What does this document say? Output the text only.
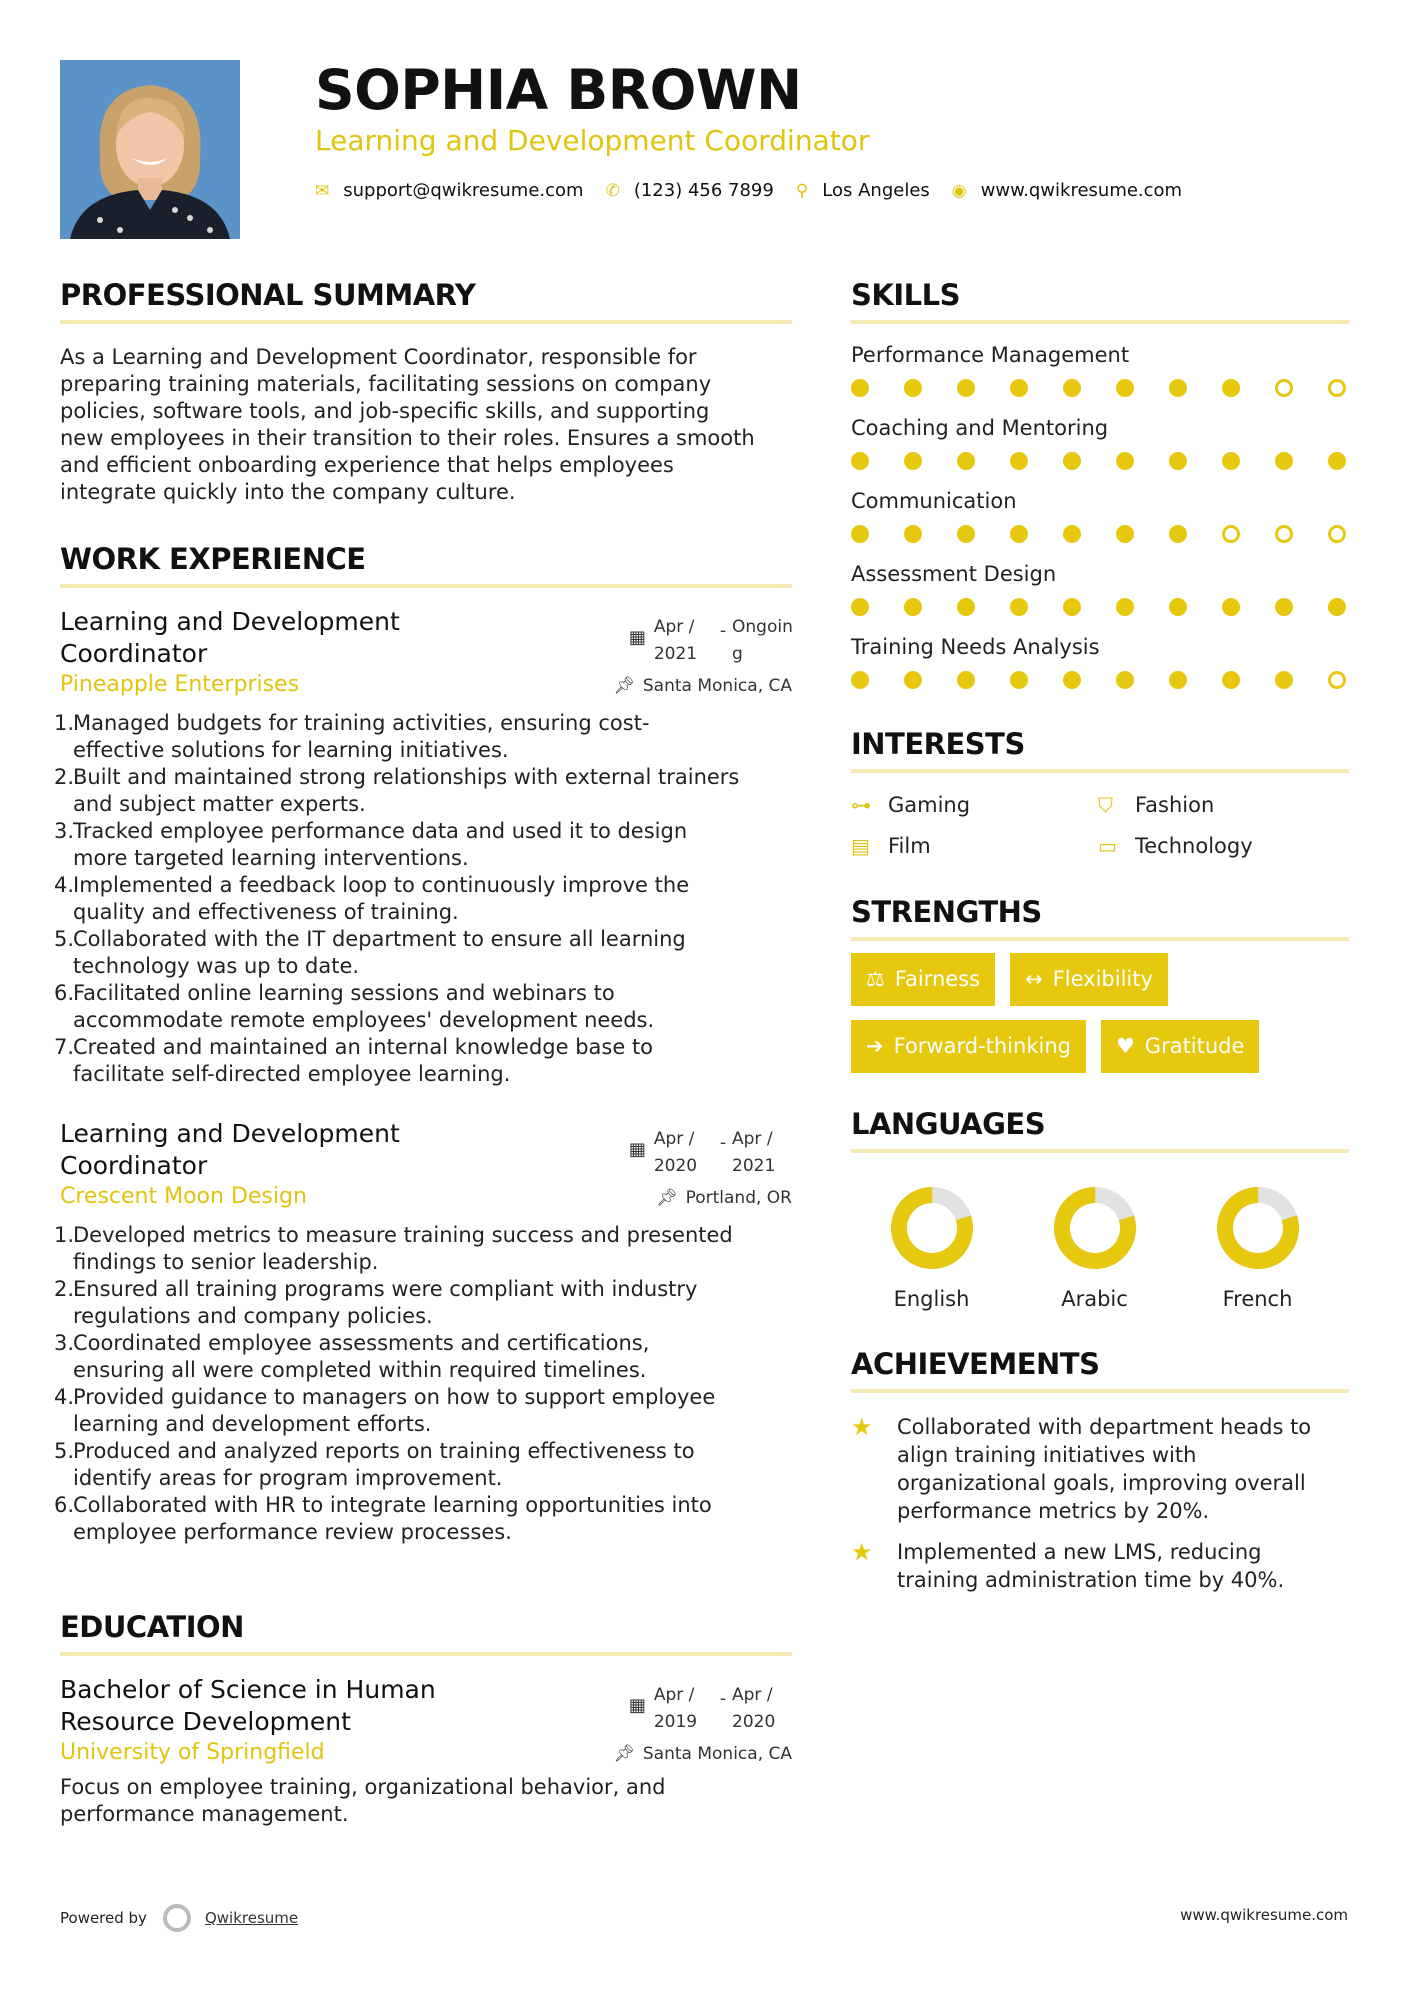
SOPHIA BROWN
Learning and Development Coordinator
✉ support@qwikresume.com ✆ (123) 456 7899 ⚲ Los Angeles ◉ www.qwikresume.com
PROFESSIONAL SUMMARY
As a Learning and Development Coordinator, responsible for
preparing training materials, facilitating sessions on company
policies, software tools, and job-specific skills, and supporting
new employees in their transition to their roles. Ensures a smooth
and efficient onboarding experience that helps employees
integrate quickly into the company culture.
WORK EXPERIENCE
Learning and Development
Coordinator
▦ Apr /
2021
- Ongoin
g
Pineapple Enterprises	📌︎ Santa Monica, CA
1.
Managed budgets for training activities, ensuring cost-
effective solutions for learning initiatives.
2.
Built and maintained strong relationships with external trainers
and subject matter experts.
3.
Tracked employee performance data and used it to design
more targeted learning interventions.
4.
Implemented a feedback loop to continuously improve the
quality and effectiveness of training.
5.
Collaborated with the IT department to ensure all learning
technology was up to date.
6.
Facilitated online learning sessions and webinars to
accommodate remote employees' development needs.
7.
Created and maintained an internal knowledge base to
facilitate self-directed employee learning.
Learning and Development
Coordinator
▦ Apr /
2020
- Apr /
2021
Crescent Moon Design	📌︎ Portland, OR
1.
Developed metrics to measure training success and presented
findings to senior leadership.
2.
Ensured all training programs were compliant with industry
regulations and company policies.
3.
Coordinated employee assessments and certifications,
ensuring all were completed within required timelines.
4.
Provided guidance to managers on how to support employee
learning and development efforts.
5.
Produced and analyzed reports on training effectiveness to
identify areas for program improvement.
6.
Collaborated with HR to integrate learning opportunities into
employee performance review processes.
EDUCATION
Bachelor of Science in Human
Resource Development
▦ Apr /
2019
- Apr /
2020
University of Springfield	📌︎ Santa Monica, CA
Focus on employee training, organizational behavior, and
performance management.
SKILLS
Performance Management
Coaching and Mentoring
Communication
Assessment Design
Training Needs Analysis
INTERESTS
⊶ Gaming	⛉	Fashion
▤ Film	▭ Technology
STRENGTHS
⚖ Fairness	↔ Flexibility
➔ Forward-thinking	♥ Gratitude
LANGUAGES
English	Arabic	French
ACHIEVEMENTS
★	Collaborated with department heads to
align training initiatives with
organizational goals, improving overall
performance metrics by 20%.
★	Implemented a new LMS, reducing
training administration time by 40%.
Powered by	Qwikresume	www.qwikresume.com
